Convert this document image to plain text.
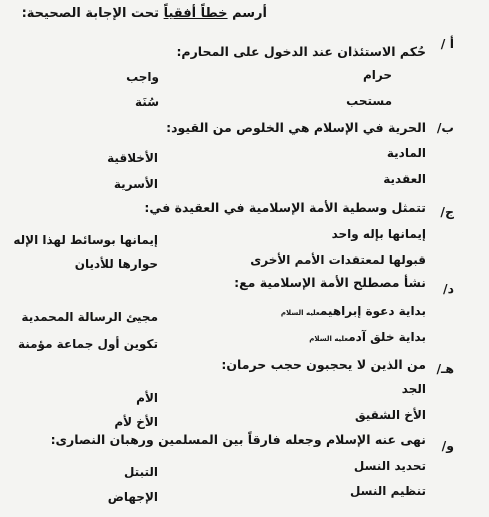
أرسم خطاً أفقياً تحت الإجابة الصحيحة:
أ /
حُكم الاستئذان عند الدخول على المحارم:
حرام
مستحب
واجب
سُنَة
ب/
الحرية في الإسلام هي الخلوص من القيود:
المادية
العقدية
الأخلاقية
الأسرية
ج/
تتمثل وسطية الأمة الإسلامية في العقيدة في:
إيمانها بإله واحد
قبولها لمعتقدات الأمم الأخرى
إيمانها بوسائط لهذا الإله
حوارها للأديان
د/
نشأ مصطلح الأمة الإسلامية مع:
بداية دعوة إبراهيمعليه السلام
بداية خلق آدمعليه السلام
مجيئ الرسالة المحمدية
تكوين أول جماعة مؤمنة
هـ/
من الذين لا يحجبون حجب حرمان:
الجد
الأخ الشقيق
الأم
الأخ لأم
و/
نهى عنه الإسلام وجعله فارقاً بين المسلمين ورهبان النصارى:
تحديد النسل
تنظيم النسل
التبتل
الإجهاض
